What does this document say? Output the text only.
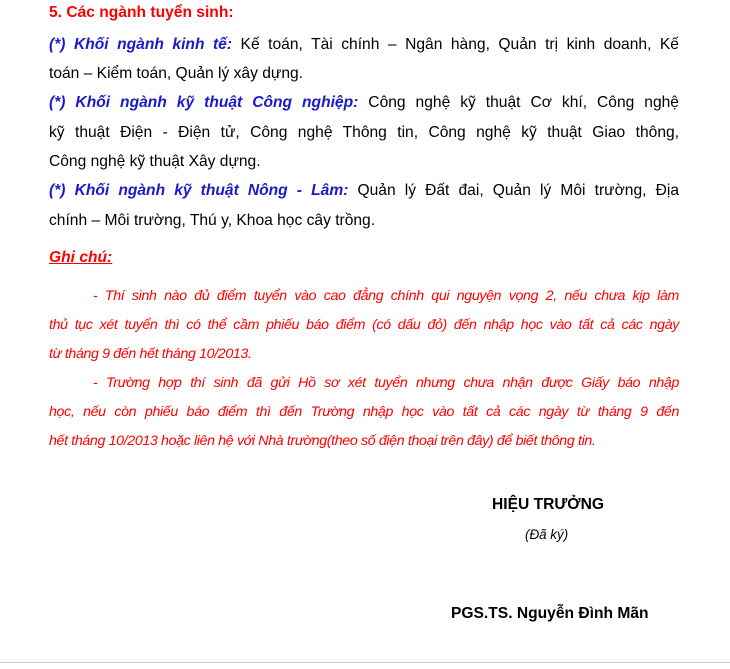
5. Các ngành tuyển sinh:
(*) Khối ngành kinh tế: Kế toán, Tài chính – Ngân hàng, Quản trị kinh doanh, Kế
toán – Kiểm toán, Quản lý xây dựng.
(*) Khối ngành kỹ thuật Công nghiệp: Công nghệ kỹ thuật Cơ khí, Công nghệ
kỹ thuật Điện - Điện tử, Công nghệ Thông tin, Công nghệ kỹ thuật Giao thông,
Công nghệ kỹ thuật Xây dựng.
(*) Khối ngành kỹ thuật Nông - Lâm: Quản lý Đất đai, Quản lý Môi trường, Địa
chính – Môi trường, Thú y, Khoa học cây trồng.
Ghi chú:
- Thí sinh nào đủ điểm tuyển vào cao đẳng chính qui nguyện vọng 2, nếu chưa kịp làm
thủ tục xét tuyển thì có thể cầm phiếu báo điểm (có dấu đỏ) đến nhập học vào tất cả các ngày
từ tháng 9 đến hết tháng 10/2013.
- Trường hợp thí sinh đã gửi Hồ sơ xét tuyển nhưng chưa nhận được Giấy báo nhập
học, nếu còn phiếu báo điểm thì đến Trường nhập học vào tất cả các ngày từ tháng 9 đến
hết tháng 10/2013 hoặc liên hệ với Nhà trường(theo số điện thoại trên đây) để biết thông tin.
HIỆU TRƯỞNG
(Đã ký)
PGS.TS. Nguyễn Đình Mãn
